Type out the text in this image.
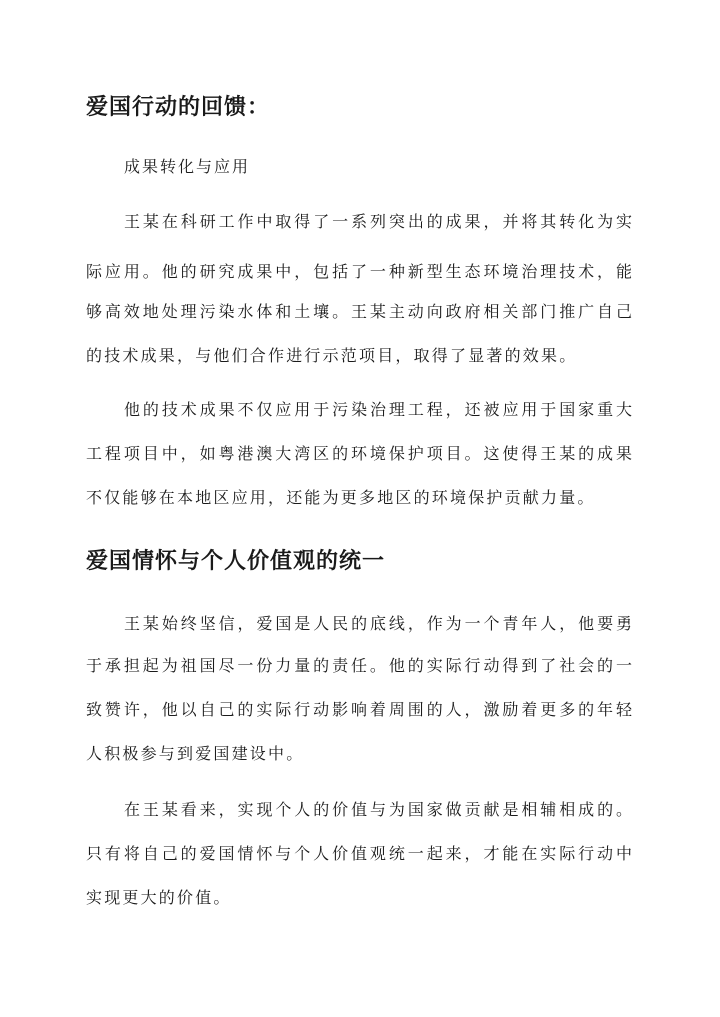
爱国行动的回馈：

成果转化与应用

王某在科研工作中取得了一系列突出的成果，并将其转化为实

际应用。他的研究成果中，包括了一种新型生态环境治理技术，能

够高效地处理污染水体和土壤。王某主动向政府相关部门推广自己

的技术成果，与他们合作进行示范项目，取得了显著的效果。

他的技术成果不仅应用于污染治理工程，还被应用于国家重大

工程项目中，如粤港澳大湾区的环境保护项目。这使得王某的成果

不仅能够在本地区应用，还能为更多地区的环境保护贡献力量。

爱国情怀与个人价值观的统一

王某始终坚信，爱国是人民的底线，作为一个青年人，他要勇

于承担起为祖国尽一份力量的责任。他的实际行动得到了社会的一

致赞许，他以自己的实际行动影响着周围的人，激励着更多的年轻

人积极参与到爱国建设中。

在王某看来，实现个人的价值与为国家做贡献是相辅相成的。

只有将自己的爱国情怀与个人价值观统一起来，才能在实际行动中

实现更大的价值。
